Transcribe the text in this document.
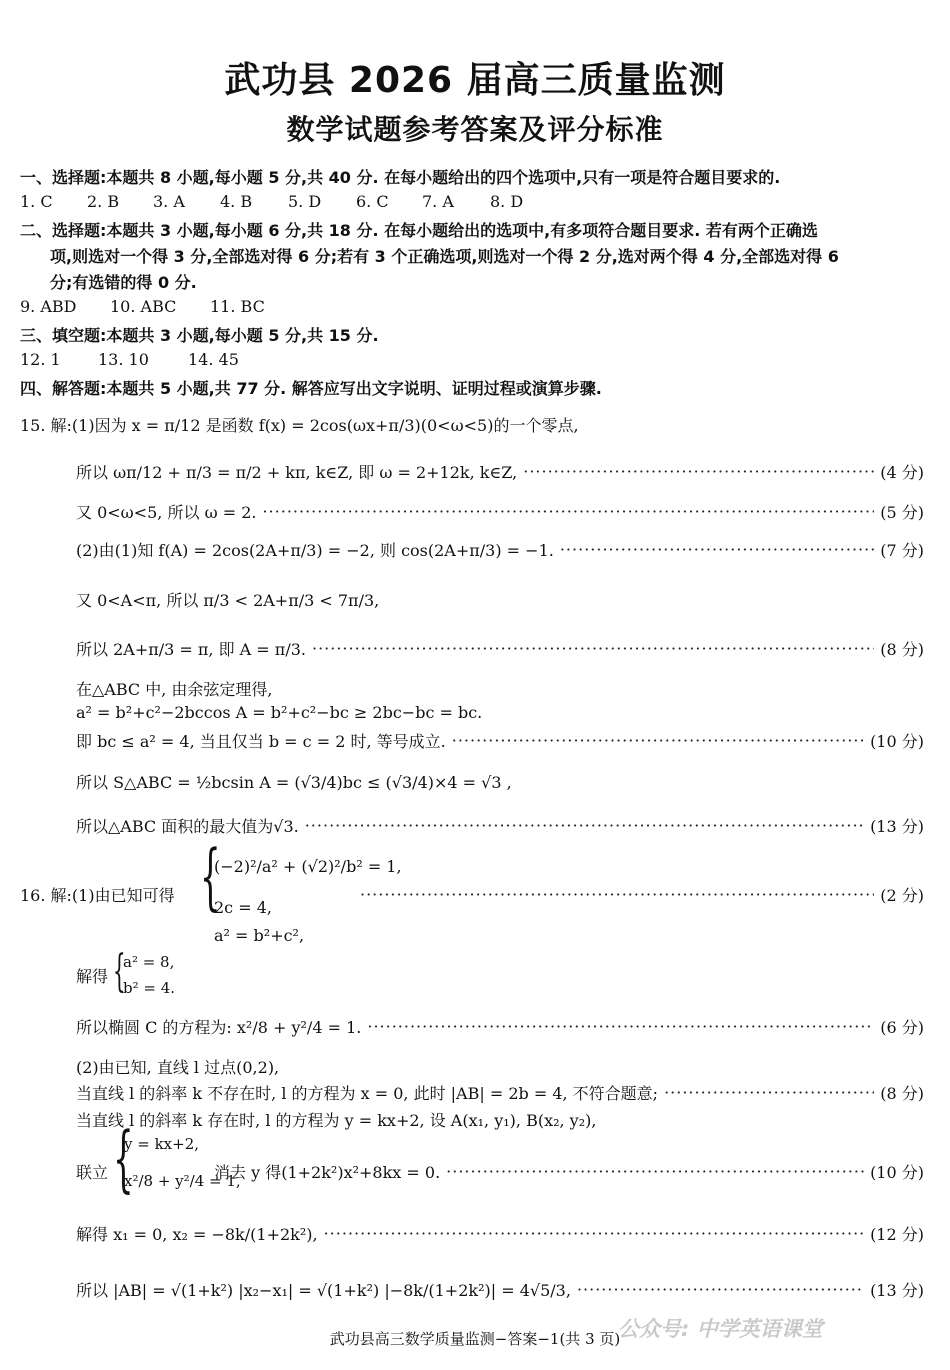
武功县 2026 届高三质量监测
数学试题参考答案及评分标准
一、选择题:本题共 8 小题,每小题 5 分,共 40 分. 在每小题给出的四个选项中,只有一项是符合题目要求的.
1. C 2. B 3. A 4. B 5. D 6. C 7. A 8. D
二、选择题:本题共 3 小题,每小题 6 分,共 18 分. 在每小题给出的选项中,有多项符合题目要求. 若有两个正确选
项,则选对一个得 3 分,全部选对得 6 分;若有 3 个正确选项,则选对一个得 2 分,选对两个得 4 分,全部选对得 6
分;有选错的得 0 分.
9. ABD 10. ABC 11. BC
三、填空题:本题共 3 小题,每小题 5 分,共 15 分.
12. 1 13. 10 14. 45
四、解答题:本题共 5 小题,共 77 分. 解答应写出文字说明、证明过程或演算步骤.
15. 解:(1)因为 x = π/12 是函数 f(x) = 2cos(ωx+π/3)(0<ω<5)的一个零点,
所以 ωπ/12 + π/3 = π/2 + kπ, k∈Z, 即 ω = 2+12k, k∈Z, ·····	(4 分)
又 0<ω<5, 所以 ω = 2. ·····	(5 分)
(2)由(1)知 f(A) = 2cos(2A+π/3) = −2, 则 cos(2A+π/3) = −1. ·····	(7 分)
又 0<A<π, 所以 π/3 < 2A+π/3 < 7π/3,
所以 2A+π/3 = π, 即 A = π/3. ·····	(8 分)
在△ABC 中, 由余弦定理得,
a² = b²+c²−2bccos A = b²+c²−bc ≥ 2bc−bc = bc.
即 bc ≤ a² = 4, 当且仅当 b = c = 2 时, 等号成立. ·····	(10 分)
所以 S△ABC = ½bcsin A = (√3/4)bc ≤ (√3/4)×4 = √3 ,
所以△ABC 面积的最大值为√3. ·····	(13 分)
16. 解:(1)由已知可得 {
(−2)²/a² + (√2)²/b² = 1,
2c = 4,
a² = b²+c²,
·····
(2 分)
解得 {
a² = 8,
b² = 4.
所以椭圆 C 的方程为: x²/8 + y²/4 = 1. ·····	(6 分)
(2)由已知, 直线 l 过点(0,2),
当直线 l 的斜率 k 不存在时, l 的方程为 x = 0, 此时 |AB| = 2b = 4, 不符合题意; ·····	(8 分)
当直线 l 的斜率 k 存在时, l 的方程为 y = kx+2, 设 A(x₁, y₁), B(x₂, y₂),
联立 {
y = kx+2,
x²/8 + y²/4 = 1,
消去 y 得(1+2k²)x²+8kx = 0. ·····	(10 分)
解得 x₁ = 0, x₂ = −8k/(1+2k²), ·····	(12 分)
所以 |AB| = √(1+k²) |x₂−x₁| = √(1+k²) |−8k/(1+2k²)| = 4√5/3, ·····	(13 分)
公众号: 中学英语课堂
武功县高三数学质量监测−答案−1(共 3 页)
